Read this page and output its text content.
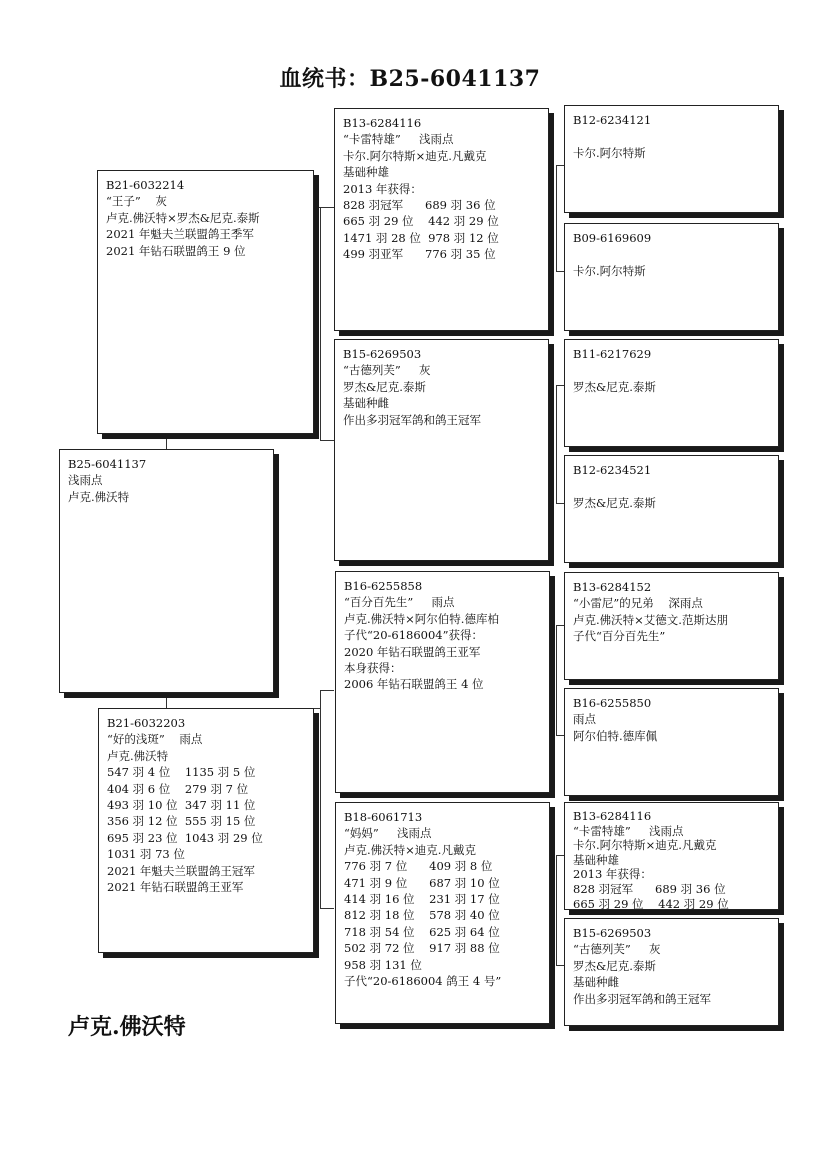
血统书：B25-6041137
B21-6032214
“王子”    灰
卢克.佛沃特×罗杰&尼克.泰斯
2021 年魁夫兰联盟鸽王季军
2021 年钻石联盟鸽王 9 位
B25-6041137
浅雨点
卢克.佛沃特
B21-6032203
“好的浅斑”    雨点
卢克.佛沃特
547 羽 4 位    1135 羽 5 位
404 羽 6 位    279 羽 7 位
493 羽 10 位  347 羽 11 位
356 羽 12 位  555 羽 15 位
695 羽 23 位  1043 羽 29 位
1031 羽 73 位
2021 年魁夫兰联盟鸽王冠军
2021 年钻石联盟鸽王亚军
B13-6284116
“卡雷特雄”     浅雨点
卡尔.阿尔特斯×迪克.凡戴克
基础种雄
2013 年获得：
828 羽冠军      689 羽 36 位
665 羽 29 位    442 羽 29 位
1471 羽 28 位  978 羽 12 位
499 羽亚军      776 羽 35 位
B15-6269503
“古德列芙”     灰
罗杰&尼克.泰斯
基础种雌
作出多羽冠军鸽和鸽王冠军
B16-6255858
“百分百先生”     雨点
卢克.佛沃特×阿尔伯特.德库柏
子代“20-6186004”获得：
2020 年钻石联盟鸽王亚军
本身获得：
2006 年钻石联盟鸽王 4 位
B18-6061713
“妈妈”     浅雨点
卢克.佛沃特×迪克.凡戴克
776 羽 7 位      409 羽 8 位
471 羽 9 位      687 羽 10 位
414 羽 16 位    231 羽 17 位
812 羽 18 位    578 羽 40 位
718 羽 54 位    625 羽 64 位
502 羽 72 位    917 羽 88 位
958 羽 131 位
子代“20-6186004 鸽王 4 号”
B12-6234121
卡尔.阿尔特斯
B09-6169609
卡尔.阿尔特斯
B11-6217629
罗杰&尼克.泰斯
B12-6234521
罗杰&尼克.泰斯
B13-6284152
“小雷尼”的兄弟    深雨点
卢克.佛沃特×艾德文.范斯达朋
子代“百分百先生”
B16-6255850
雨点
阿尔伯特.德库佩
B13-6284116
“卡雷特雄”     浅雨点
卡尔.阿尔特斯×迪克.凡戴克
基础种雄
2013 年获得：
828 羽冠军      689 羽 36 位
665 羽 29 位    442 羽 29 位
B15-6269503
“古德列芙”     灰
罗杰&尼克.泰斯
基础种雌
作出多羽冠军鸽和鸽王冠军
卢克.佛沃特
